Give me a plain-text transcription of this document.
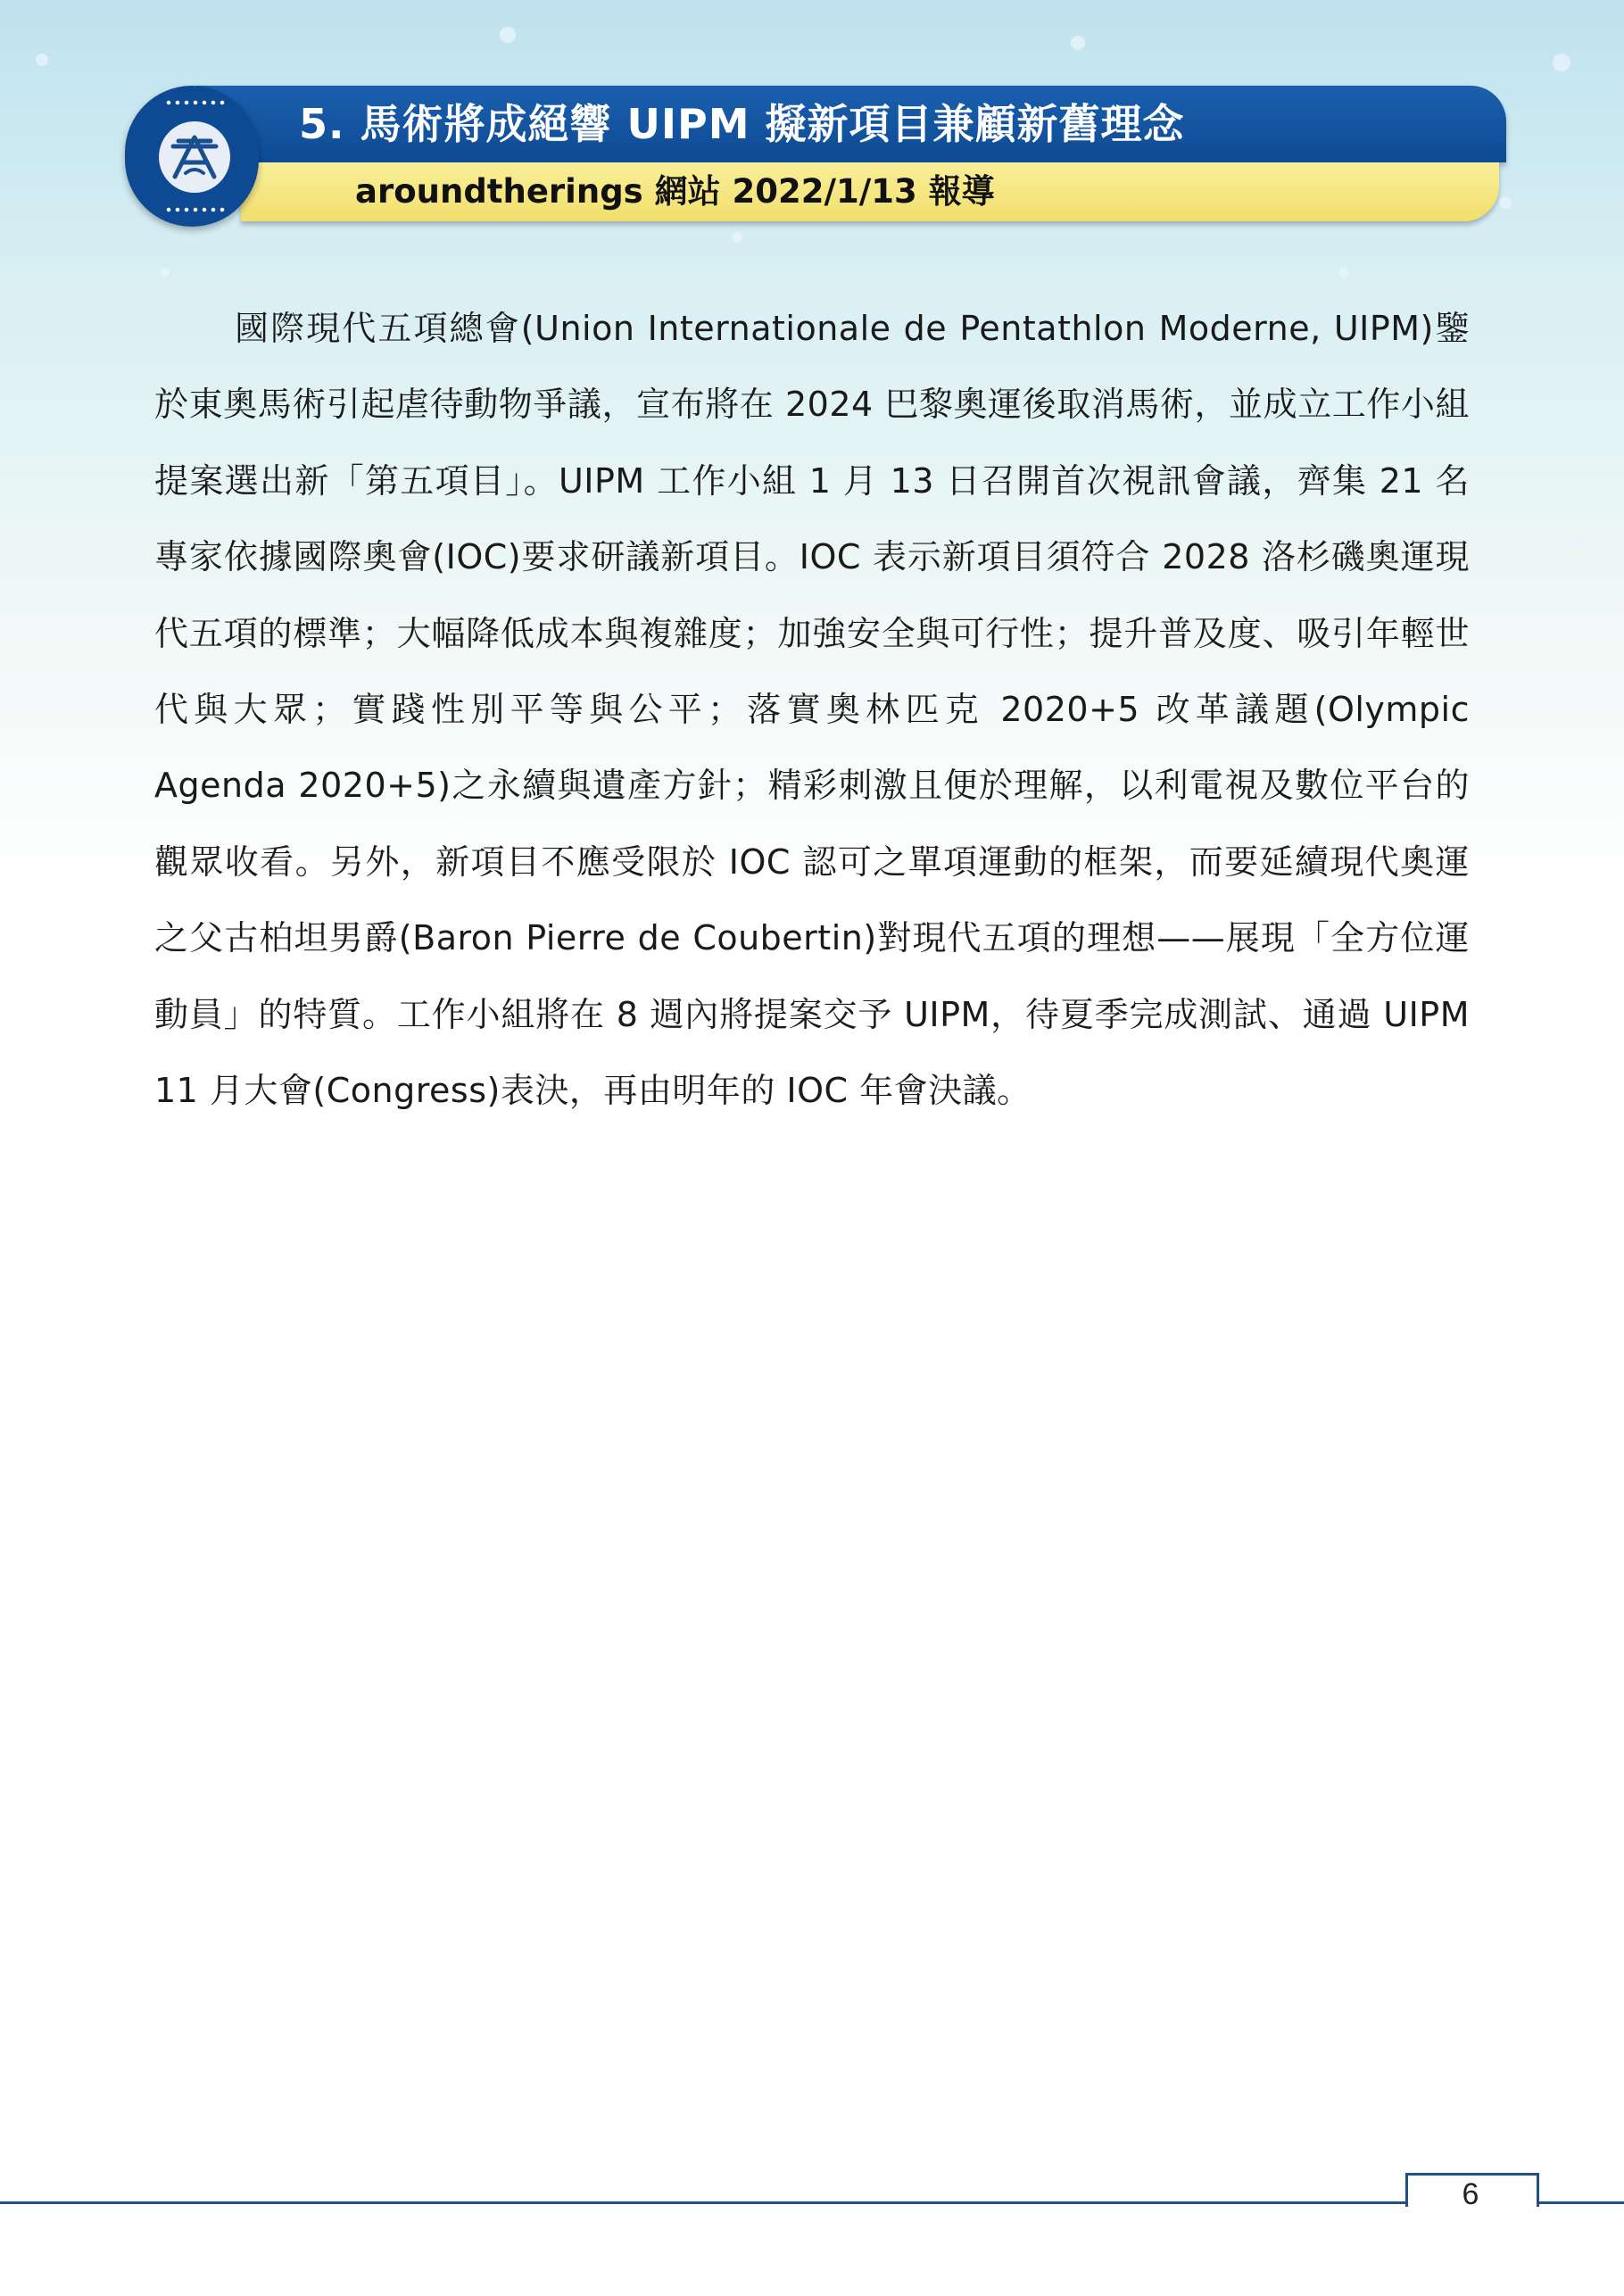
5. 馬術將成絕響 UIPM 擬新項目兼顧新舊理念
aroundtherings 網站 2022/1/13 報導

國際現代五項總會(Union Internationale de Pentathlon Moderne, UIPM)鑒於東奧馬術引起虐待動物爭議，宣布將在 2024 巴黎奧運後取消馬術，並成立工作小組提案選出新「第五項目」。UIPM 工作小組 1 月 13 日召開首次視訊會議，齊集 21 名專家依據國際奧會(IOC)要求研議新項目。IOC 表示新項目須符合 2028 洛杉磯奧運現代五項的標準；大幅降低成本與複雜度；加強安全與可行性；提升普及度、吸引年輕世代與大眾；實踐性別平等與公平；落實奧林匹克 2020+5 改革議題(Olympic Agenda 2020+5)之永續與遺產方針；精彩刺激且便於理解，以利電視及數位平台的觀眾收看。另外，新項目不應受限於 IOC 認可之單項運動的框架，而要延續現代奧運之父古柏坦男爵(Baron Pierre de Coubertin)對現代五項的理想——展現「全方位運動員」的特質。工作小組將在 8 週內將提案交予 UIPM，待夏季完成測試、通過 UIPM 11 月大會(Congress)表決，再由明年的 IOC 年會決議。

6
